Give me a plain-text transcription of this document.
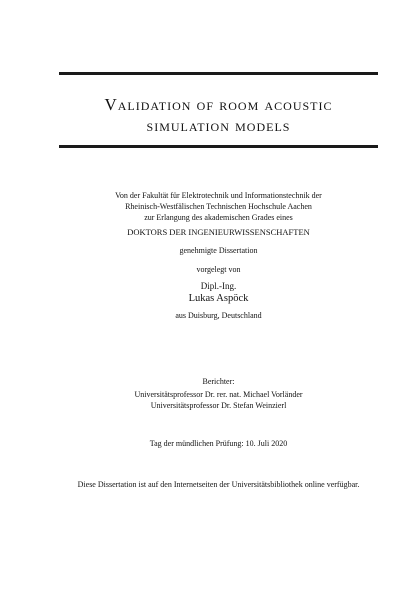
Validation of room acoustic
simulation models
Von der Fakultät für Elektrotechnik und Informationstechnik der
Rheinisch-Westfälischen Technischen Hochschule Aachen
zur Erlangung des akademischen Grades eines
DOKTORS DER INGENIEURWISSENSCHAFTEN
genehmigte Dissertation
vorgelegt von
Dipl.-Ing.
Lukas Aspöck
aus Duisburg, Deutschland
Berichter:
Universitätsprofessor Dr. rer. nat. Michael Vorländer
Universitätsprofessor Dr. Stefan Weinzierl
Tag der mündlichen Prüfung: 10. Juli 2020
Diese Dissertation ist auf den Internetseiten der Universitätsbibliothek online verfügbar.
